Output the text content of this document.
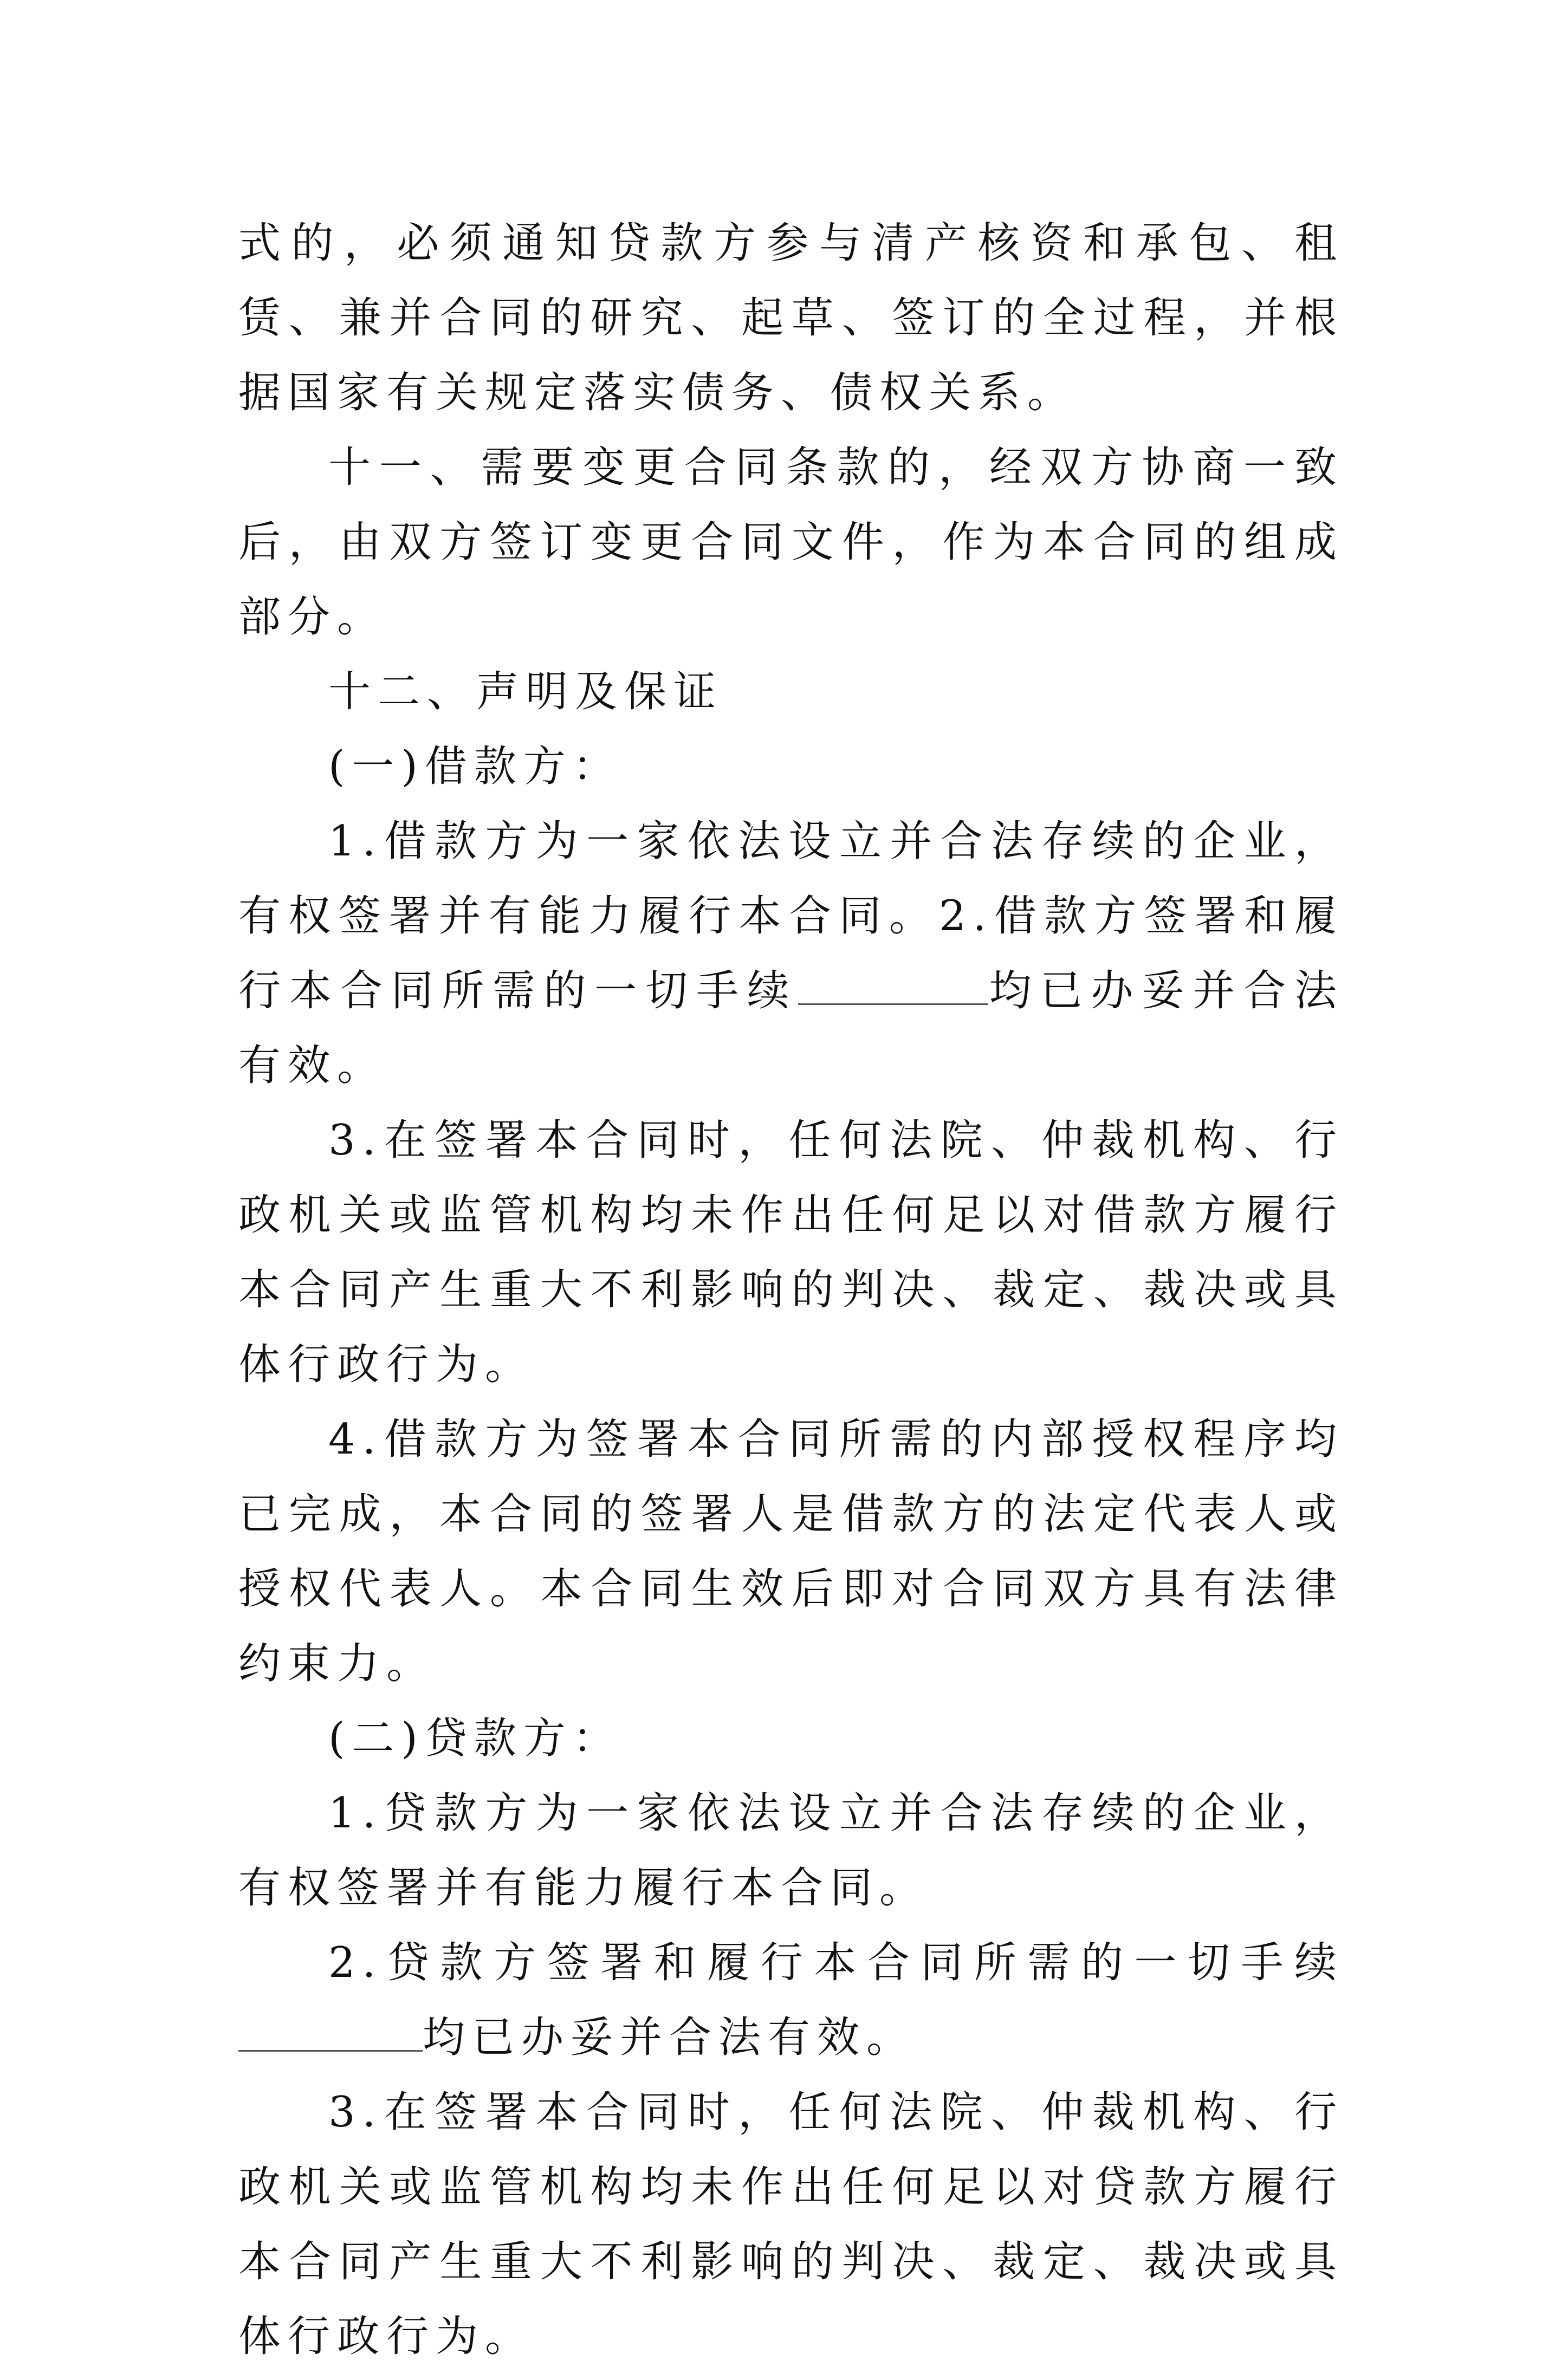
式的，必须通知贷款方参与清产核资和承包、租赁、兼并合同的研究、起草、签订的全过程，并根据国家有关规定落实债务、债权关系。

十一、需要变更合同条款的，经双方协商一致后，由双方签订变更合同文件，作为本合同的组成部分。

十二、声明及保证

(一)借款方：

1.借款方为一家依法设立并合法存续的企业，有权签署并有能力履行本合同。2.借款方签署和履行本合同所需的一切手续	均已办妥并合法有效。

3.在签署本合同时，任何法院、仲裁机构、行政机关或监管机构均未作出任何足以对借款方履行本合同产生重大不利影响的判决、裁定、裁决或具体行政行为。

4.借款方为签署本合同所需的内部授权程序均已完成，本合同的签署人是借款方的法定代表人或授权代表人。本合同生效后即对合同双方具有法律约束力。

(二)贷款方：

1.贷款方为一家依法设立并合法存续的企业，有权签署并有能力履行本合同。

2.贷款方签署和履行本合同所需的一切手续均已办妥并合法有效。

3.在签署本合同时，任何法院、仲裁机构、行政机关或监管机构均未作出任何足以对贷款方履行本合同产生重大不利影响的判决、裁定、裁决或具体行政行为。
